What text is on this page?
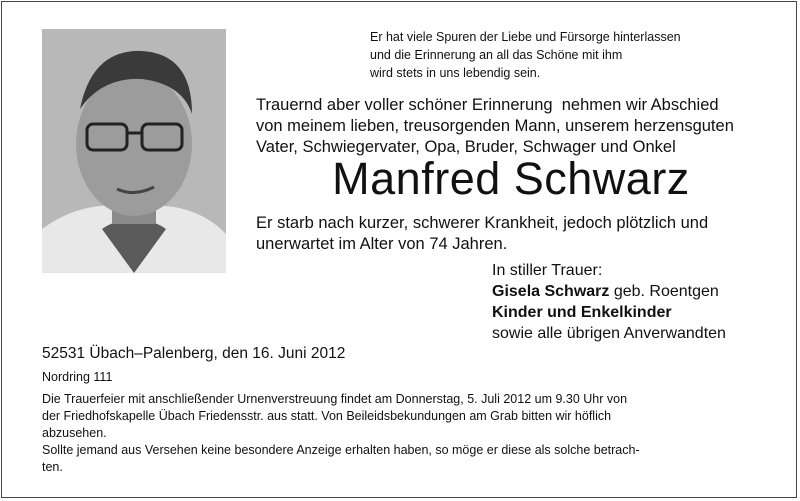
Er hat viele Spuren der Liebe und Fürsorge hinterlassen
und die Erinnerung an all das Schöne mit ihm
wird stets in uns lebendig sein.
Trauernd aber voller schöner Erinnerung  nehmen wir Abschied
von meinem lieben, treusorgenden Mann, unserem herzensguten
Vater, Schwiegervater, Opa, Bruder, Schwager und Onkel
Manfred Schwarz
Er starb nach kurzer, schwerer Krankheit, jedoch plötzlich und
unerwartet im Alter von 74 Jahren.
In stiller Trauer:
Gisela Schwarz geb. Roentgen
Kinder und Enkelkinder
sowie alle übrigen Anverwandten
52531 Übach–Palenberg, den 16. Juni 2012
Nordring 111
Die Trauerfeier mit anschließender Urnenverstreuung findet am Donnerstag, 5. Juli 2012 um 9.30 Uhr von
der Friedhofskapelle Übach Friedensstr. aus statt. Von Beileidsbekundungen am Grab bitten wir höflich
abzusehen.
Sollte jemand aus Versehen keine besondere Anzeige erhalten haben, so möge er diese als solche betrach-
ten.
